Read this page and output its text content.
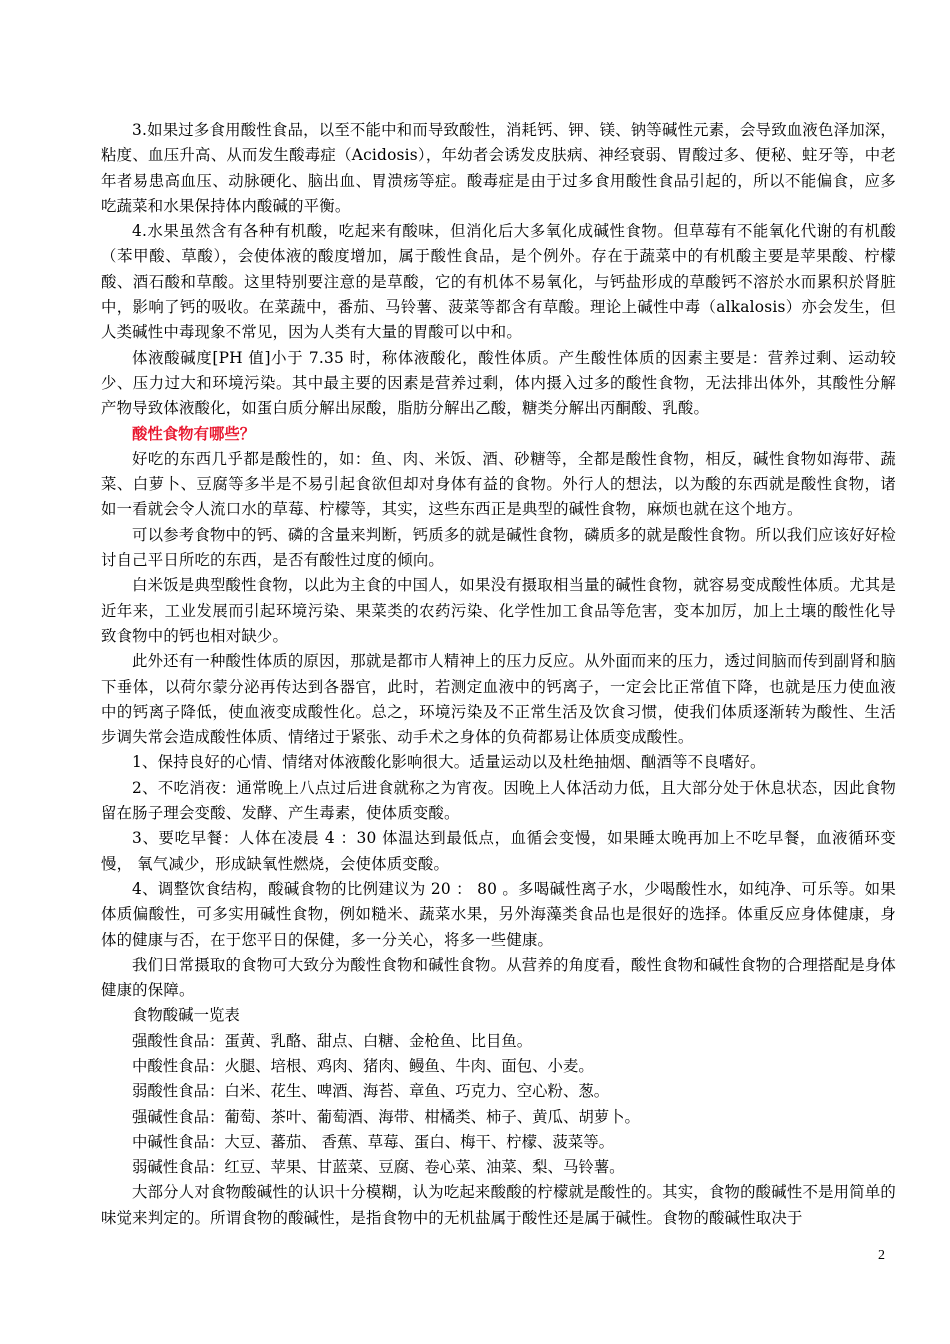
3.如果过多食用酸性食品，以至不能中和而导致酸性，消耗钙、钾、镁、钠等碱性元素，会导致血液色泽加深，粘度、血压升高、从而发生酸毒症（Acidosis），年幼者会诱发皮肤病、神经衰弱、胃酸过多、便秘、蛀牙等，中老年者易患高血压、动脉硬化、脑出血、胃溃疡等症。酸毒症是由于过多食用酸性食品引起的，所以不能偏食，应多吃蔬菜和水果保持体内酸碱的平衡。

4.水果虽然含有各种有机酸，吃起来有酸味，但消化后大多氧化成碱性食物。但草莓有不能氧化代谢的有机酸（苯甲酸、草酸），会使体液的酸度增加，属于酸性食品，是个例外。存在于蔬菜中的有机酸主要是苹果酸、柠檬酸、酒石酸和草酸。这里特别要注意的是草酸，它的有机体不易氧化，与钙盐形成的草酸钙不溶於水而累积於肾脏中，影响了钙的吸收。在菜蔬中，番茄、马铃薯、菠菜等都含有草酸。理论上碱性中毒（alkalosis）亦会发生，但人类碱性中毒现象不常见，因为人类有大量的胃酸可以中和。

体液酸碱度[PH 值]小于 7.35 时，称体液酸化，酸性体质。产生酸性体质的因素主要是：营养过剩、运动较少、压力过大和环境污染。其中最主要的因素是营养过剩，体内摄入过多的酸性食物，无法排出体外，其酸性分解产物导致体液酸化，如蛋白质分解出尿酸，脂肪分解出乙酸，糖类分解出丙酮酸、乳酸。

酸性食物有哪些？

好吃的东西几乎都是酸性的，如：鱼、肉、米饭、酒、砂糖等，全都是酸性食物，相反，碱性食物如海带、蔬菜、白萝卜、豆腐等多半是不易引起食欲但却对身体有益的食物。外行人的想法，以为酸的东西就是酸性食物，诸如一看就会令人流口水的草莓、柠檬等，其实，这些东西正是典型的碱性食物，麻烦也就在这个地方。

可以参考食物中的钙、磷的含量来判断，钙质多的就是碱性食物，磷质多的就是酸性食物。所以我们应该好好检讨自己平日所吃的东西，是否有酸性过度的倾向。

白米饭是典型酸性食物，以此为主食的中国人，如果没有摄取相当量的碱性食物，就容易变成酸性体质。尤其是近年来，工业发展而引起环境污染、果菜类的农药污染、化学性加工食品等危害，变本加厉，加上土壤的酸性化导致食物中的钙也相对缺少。

此外还有一种酸性体质的原因，那就是都市人精神上的压力反应。从外面而来的压力，透过间脑而传到副肾和脑下垂体，以荷尔蒙分泌再传达到各器官，此时，若测定血液中的钙离子，一定会比正常值下降，也就是压力使血液中的钙离子降低，使血液变成酸性化。总之，环境污染及不正常生活及饮食习惯，使我们体质逐渐转为酸性、生活步调失常会造成酸性体质、情绪过于紧张、动手术之身体的负荷都易让体质变成酸性。

1、保持良好的心情、情绪对体液酸化影响很大。适量运动以及杜绝抽烟、酗酒等不良嗜好。

2、不吃消夜：通常晚上八点过后进食就称之为宵夜。因晚上人体活动力低，且大部分处于休息状态，因此食物 留在肠子理会变酸、发酵、产生毒素，使体质变酸。

3、要吃早餐：人体在凌晨 4 ：30 体温达到最低点，血循会变慢，如果睡太晚再加上不吃早餐，血液循环变慢， 氧气减少，形成缺氧性燃烧，会使体质变酸。

4、调整饮食结构，酸碱食物的比例建议为 20 ： 80 。多喝碱性离子水，少喝酸性水，如纯净、可乐等。如果体质偏酸性，可多实用碱性食物，例如糙米、蔬菜水果，另外海藻类食品也是很好的选择。体重反应身体健康，身体的健康与否，在于您平日的保健，多一分关心，将多一些健康。

我们日常摄取的食物可大致分为酸性食物和碱性食物。从营养的角度看，酸性食物和碱性食物的合理搭配是身体健康的保障。

食物酸碱一览表

强酸性食品：蛋黄、乳酪、甜点、白糖、金枪鱼、比目鱼。

中酸性食品：火腿、培根、鸡肉、猪肉、鳗鱼、牛肉、面包、小麦。

弱酸性食品：白米、花生、啤酒、海苔、章鱼、巧克力、空心粉、葱。

强碱性食品：葡萄、茶叶、葡萄酒、海带、柑橘类、柿子、黄瓜、胡萝卜。

中碱性食品：大豆、蕃茄、 香蕉、草莓、蛋白、梅干、柠檬、菠菜等。

弱碱性食品：红豆、苹果、甘蓝菜、豆腐、卷心菜、油菜、梨、马铃薯。

大部分人对食物酸碱性的认识十分模糊，认为吃起来酸酸的柠檬就是酸性的。其实，食物的酸碱性不是用简单的味觉来判定的。所谓食物的酸碱性，是指食物中的无机盐属于酸性还是属于碱性。食物的酸碱性取决于

2
